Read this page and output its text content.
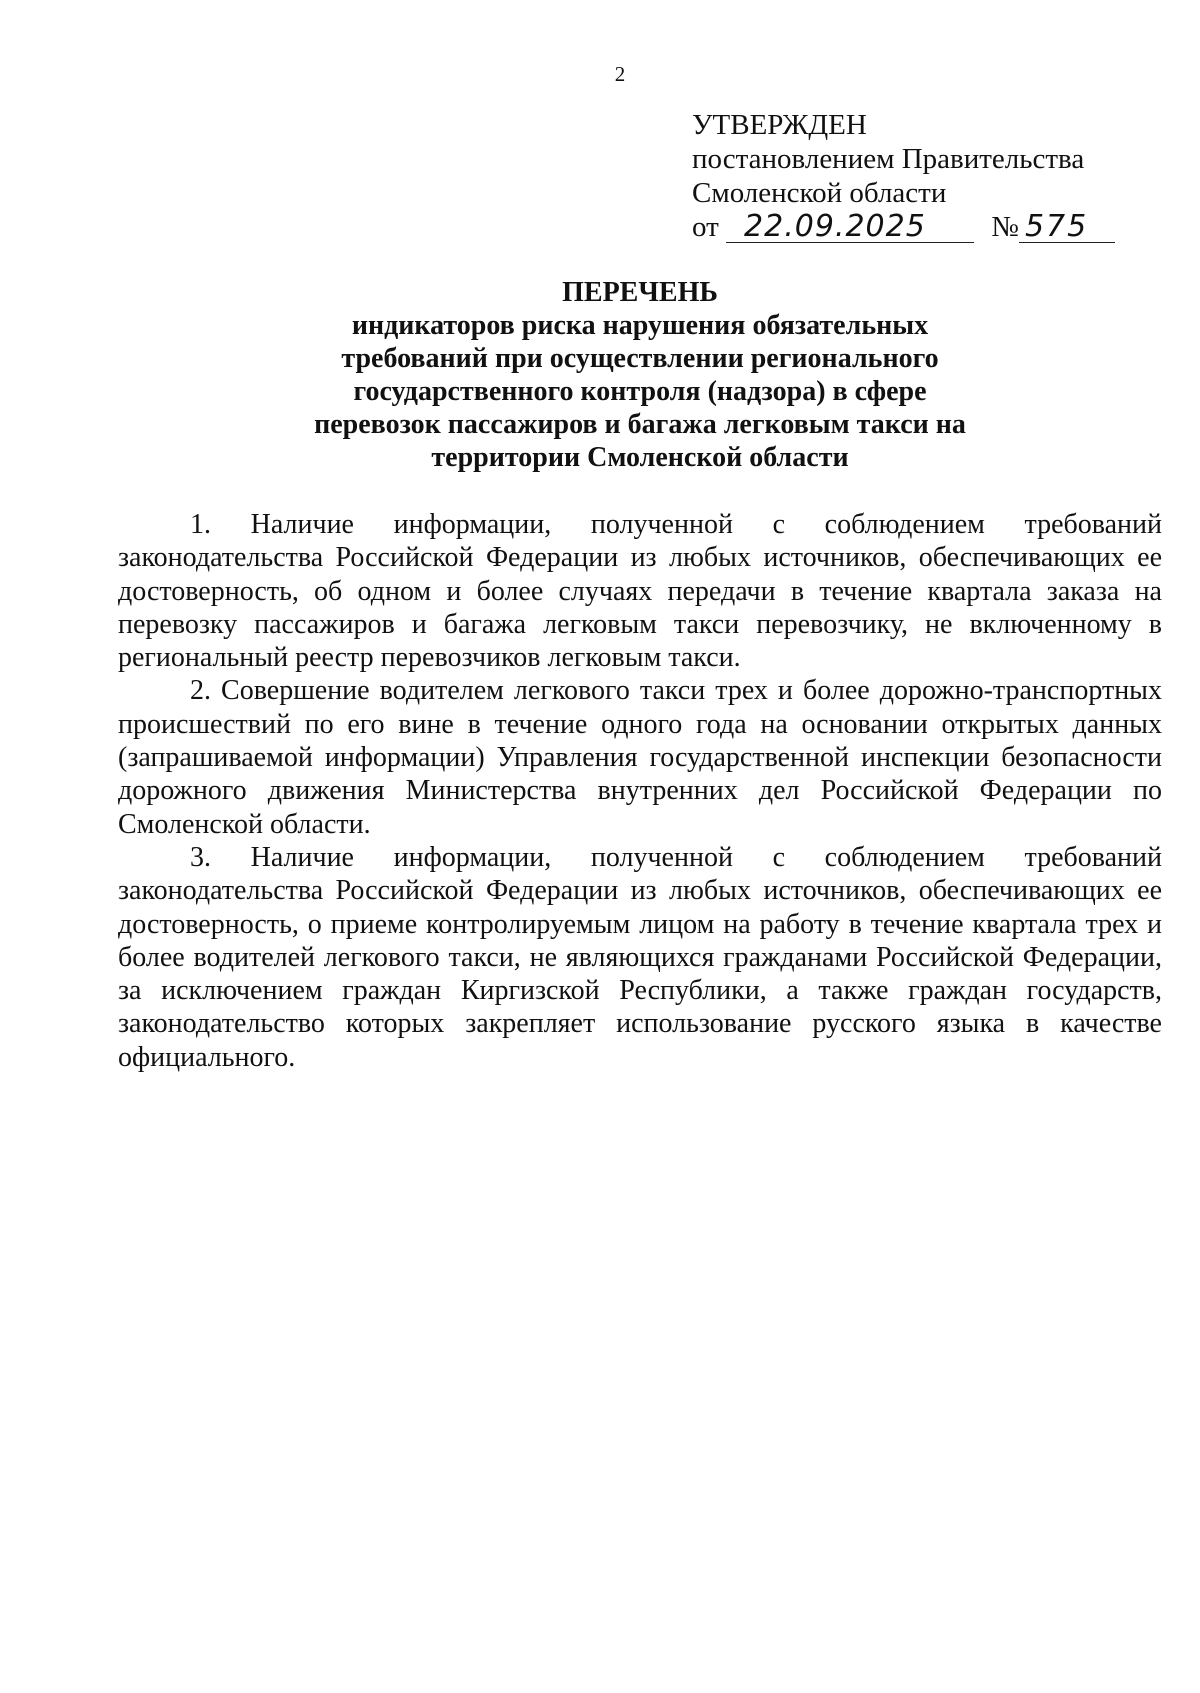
2
УТВЕРЖДЕН
постановлением Правительства
Смоленской области
от 22.09.2025 № 575
ПЕРЕЧЕНЬ
индикаторов риска нарушения обязательных
требований при осуществлении регионального
государственного контроля (надзора) в сфере
перевозок пассажиров и багажа легковым такси на
территории Смоленской области

1. Наличие информации, полученной с соблюдением требований законодательства Российской Федерации из любых источников, обеспечивающих ее достоверность, об одном и более случаях передачи в течение квартала заказа на перевозку пассажиров и багажа легковым такси перевозчику, не включенному в региональный реестр перевозчиков легковым такси.

2. Совершение водителем легкового такси трех и более дорожно-транспортных происшествий по его вине в течение одного года на основании открытых данных (запрашиваемой информации) Управления государственной инспекции безопасности дорожного движения Министерства внутренних дел Российской Федерации по Смоленской области.

3. Наличие информации, полученной с соблюдением требований законодательства Российской Федерации из любых источников, обеспечивающих ее достоверность, о приеме контролируемым лицом на работу в течение квартала трех и более водителей легкового такси, не являющихся гражданами Российской Федерации, за исключением граждан Киргизской Республики, а также граждан государств, законодательство которых закрепляет использование русского языка в качестве официального.
